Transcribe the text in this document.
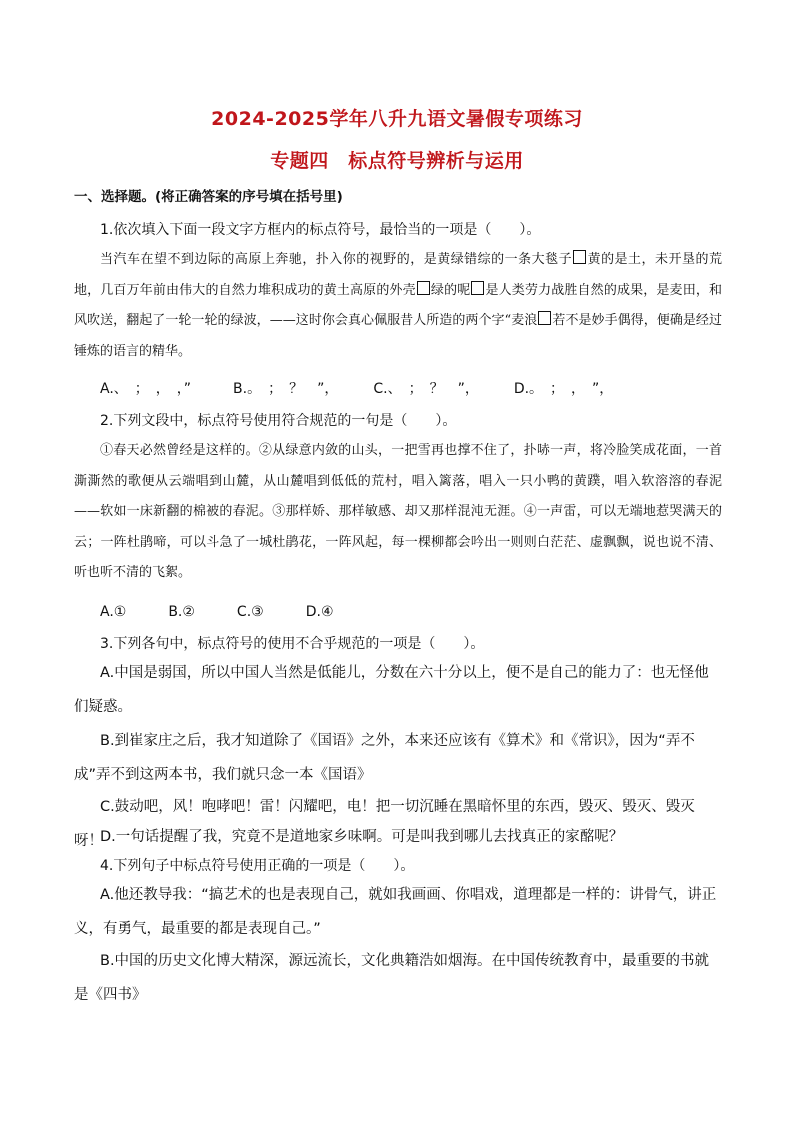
2024-2025学年八升九语文暑假专项练习
专题四　标点符号辨析与运用
一、选择题。(将正确答案的序号填在括号里)
1.依次填入下面一段文字方框内的标点符号，最恰当的一项是（　　）。
当汽车在望不到边际的高原上奔驰，扑入你的视野的，是黄绿错综的一条大毯子 黄的是土，未开垦的荒地，几百万年前由伟大的自然力堆积成功的黄土高原的外壳 绿的呢 是人类劳力战胜自然的成果，是麦田，和风吹送，翻起了一轮一轮的绿波，——这时你会真心佩服昔人所造的两个字“麦浪 若不是妙手偶得，便确是经过锤炼的语言的精华。
A.、　；　，　，”　　　B.。　；　？　”，　　　C.、　；　？　”，　　　D.。　；　，　”，
2.下列文段中，标点符号使用符合规范的一句是（　　）。
①春天必然曾经是这样的。②从绿意内敛的山头，一把雪再也撑不住了，扑哧一声，将冷脸笑成花面，一首澌澌然的歌便从云端唱到山麓，从山麓唱到低低的荒村，唱入篱落，唱入一只小鸭的黄蹼，唱入软溶溶的春泥——软如一床新翻的棉被的春泥。③那样娇、那样敏感、却又那样混沌无涯。④一声雷，可以无端地惹哭满天的云；一阵杜鹃啼，可以斗急了一城杜鹃花，一阵风起，每一棵柳都会吟出一则则白茫茫、虚飘飘，说也说不清、听也听不清的飞絮。
A.①　　　B.②　　　C.③　　　D.④
3.下列各句中，标点符号的使用不合乎规范的一项是（　　）。
A.中国是弱国，所以中国人当然是低能儿，分数在六十分以上，便不是自己的能力了：也无怪他们疑惑。
B.到崔家庄之后，我才知道除了《国语》之外，本来还应该有《算术》和《常识》，因为“弄不成”弄不到这两本书，我们就只念一本《国语》
C.鼓动吧，风！咆哮吧！雷！闪耀吧，电！把一切沉睡在黑暗怀里的东西，毁灭、毁灭、毁灭呀！
D.一句话提醒了我，究竟不是道地家乡味啊。可是叫我到哪儿去找真正的家酩呢？
4.下列句子中标点符号使用正确的一项是（　　）。
A.他还教导我：“搞艺术的也是表现自己，就如我画画、你唱戏，道理都是一样的：讲骨气，讲正义，有勇气，最重要的都是表现自己。”
B.中国的历史文化博大精深，源远流长，文化典籍浩如烟海。在中国传统教育中，最重要的书就是《四书》
